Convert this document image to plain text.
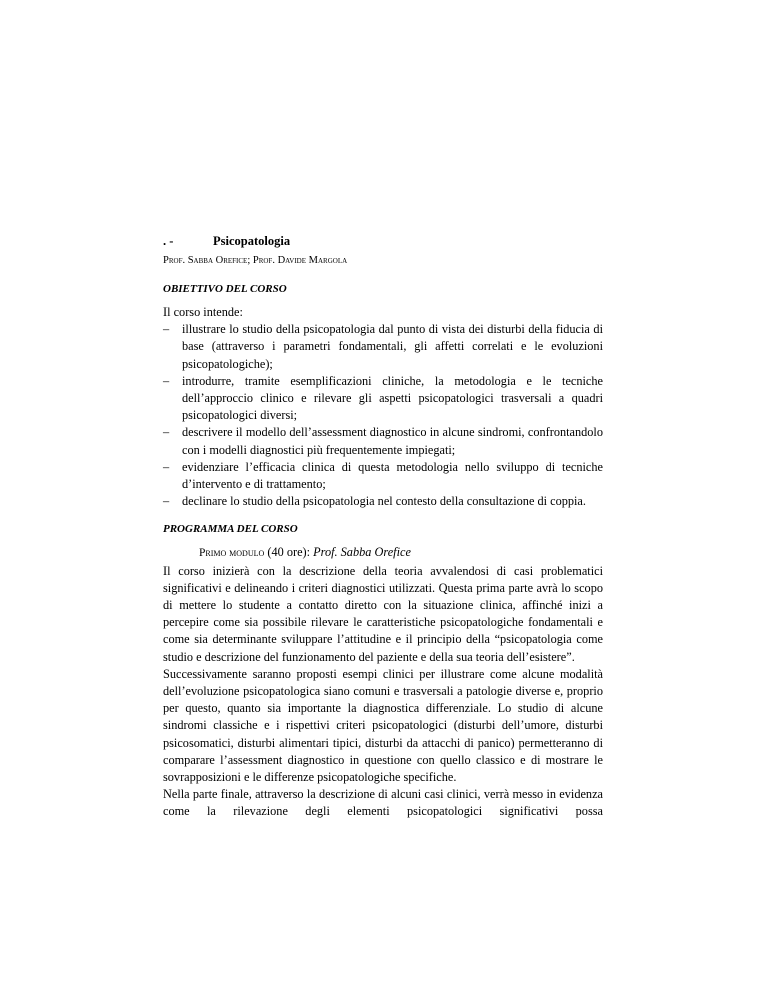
. -	Psicopatologia
Prof. Sabba Orefice; Prof. Davide Margola
OBIETTIVO DEL CORSO
Il corso intende:
– illustrare lo studio della psicopatologia dal punto di vista dei disturbi della fiducia di base (attraverso i parametri fondamentali, gli affetti correlati e le evoluzioni psicopatologiche);
– introdurre, tramite esemplificazioni cliniche, la metodologia e le tecniche dell’approccio clinico e rilevare gli aspetti psicopatologici trasversali a quadri psicopatologici diversi;
– descrivere il modello dell’assessment diagnostico in alcune sindromi, confrontandolo con i modelli diagnostici più frequentemente impiegati;
– evidenziare l’efficacia clinica di questa metodologia nello sviluppo di tecniche d’intervento e di trattamento;
– declinare lo studio della psicopatologia nel contesto della consultazione di coppia.
PROGRAMMA DEL CORSO
Primo modulo (40 ore): Prof. Sabba Orefice

Il corso inizierà con la descrizione della teoria avvalendosi di casi problematici significativi e delineando i criteri diagnostici utilizzati. Questa prima parte avrà lo scopo di mettere lo studente a contatto diretto con la situazione clinica, affinché inizi a percepire come sia possibile rilevare le caratteristiche psicopatologiche fondamentali e come sia determinante sviluppare l’attitudine e il principio della “psicopatologia come studio e descrizione del funzionamento del paziente e della sua teoria dell’esistere”.

Successivamente saranno proposti esempi clinici per illustrare come alcune modalità dell’evoluzione psicopatologica siano comuni e trasversali a patologie diverse e, proprio per questo, quanto sia importante la diagnostica differenziale. Lo studio di alcune sindromi classiche e i rispettivi criteri psicopatologici (disturbi dell’umore, disturbi psicosomatici, disturbi alimentari tipici, disturbi da attacchi di panico) permetteranno di comparare l’assessment diagnostico in questione con quello classico e di mostrare le sovrapposizioni e le differenze psicopatologiche specifiche.

Nella parte finale, attraverso la descrizione di alcuni casi clinici, verrà messo in evidenza come la rilevazione degli elementi psicopatologici significativi possa
